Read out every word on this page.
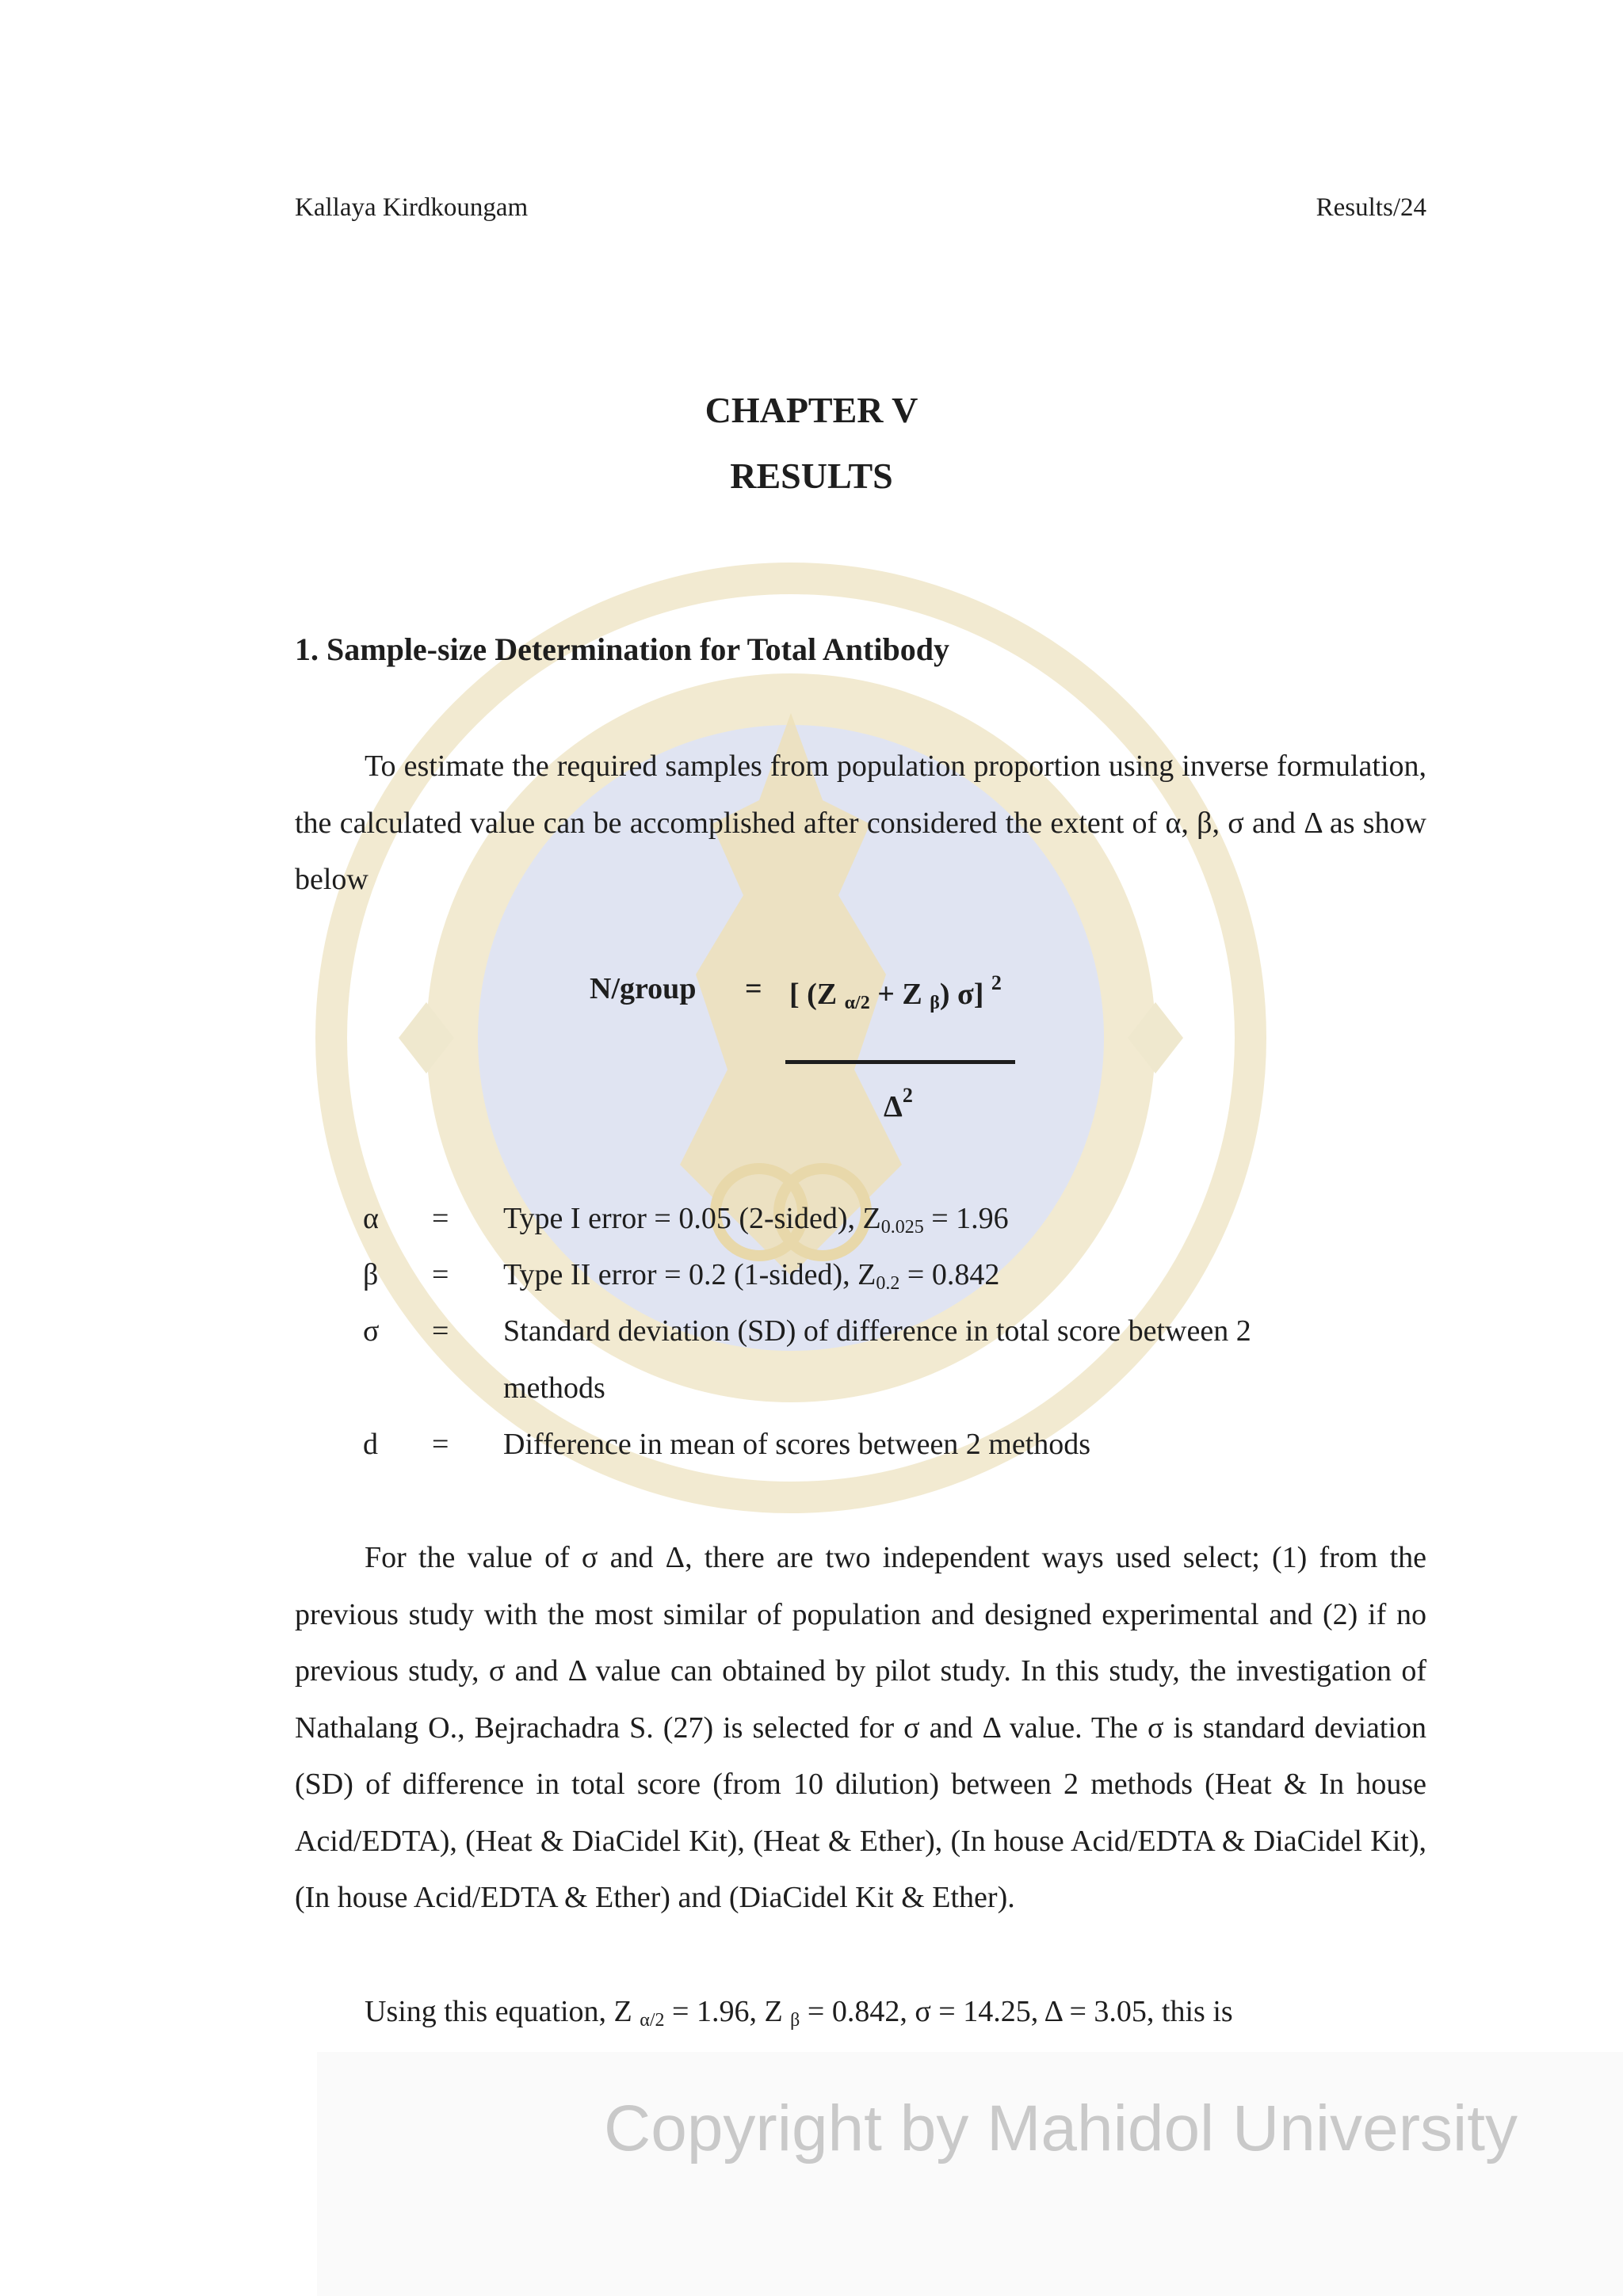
Kallaya Kirdkoungam	Results/24
CHAPTER V
RESULTS
1. Sample-size Determination for Total Antibody
To estimate the required samples from population proportion using inverse formulation, the calculated value can be accomplished after considered the extent of α, β, σ and Δ as show below
N/group = [ (Z $_{\alpha/2}$ + Z $_\beta$) σ] $^2$
$\Delta^2$
α = Type I error = 0.05 (2-sided), $Z_{0.025} = 1.96$
β = Type II error = 0.2 (1-sided), $Z_{0.2} = 0.842$
σ = Standard deviation (SD) of difference in total score between 2 methods
d = Difference in mean of scores between 2 methods
For the value of σ and Δ, there are two independent ways used select; (1) from the previous study with the most similar of population and designed experimental and (2) if no previous study, σ and Δ value can obtained by pilot study. In this study, the investigation of Nathalang O., Bejrachadra S. (27) is selected for σ and Δ value. The σ is standard deviation (SD) of difference in total score (from 10 dilution) between 2 methods (Heat & In house Acid/EDTA), (Heat & DiaCidel Kit), (Heat & Ether), (In house Acid/EDTA & DiaCidel Kit), (In house Acid/EDTA & Ether) and (DiaCidel Kit & Ether).
Using this equation, Z $_{\alpha/2}$ = 1.96, Z $_\beta$ = 0.842, σ = 14.25, Δ = 3.05, this is
Copyright by Mahidol University
